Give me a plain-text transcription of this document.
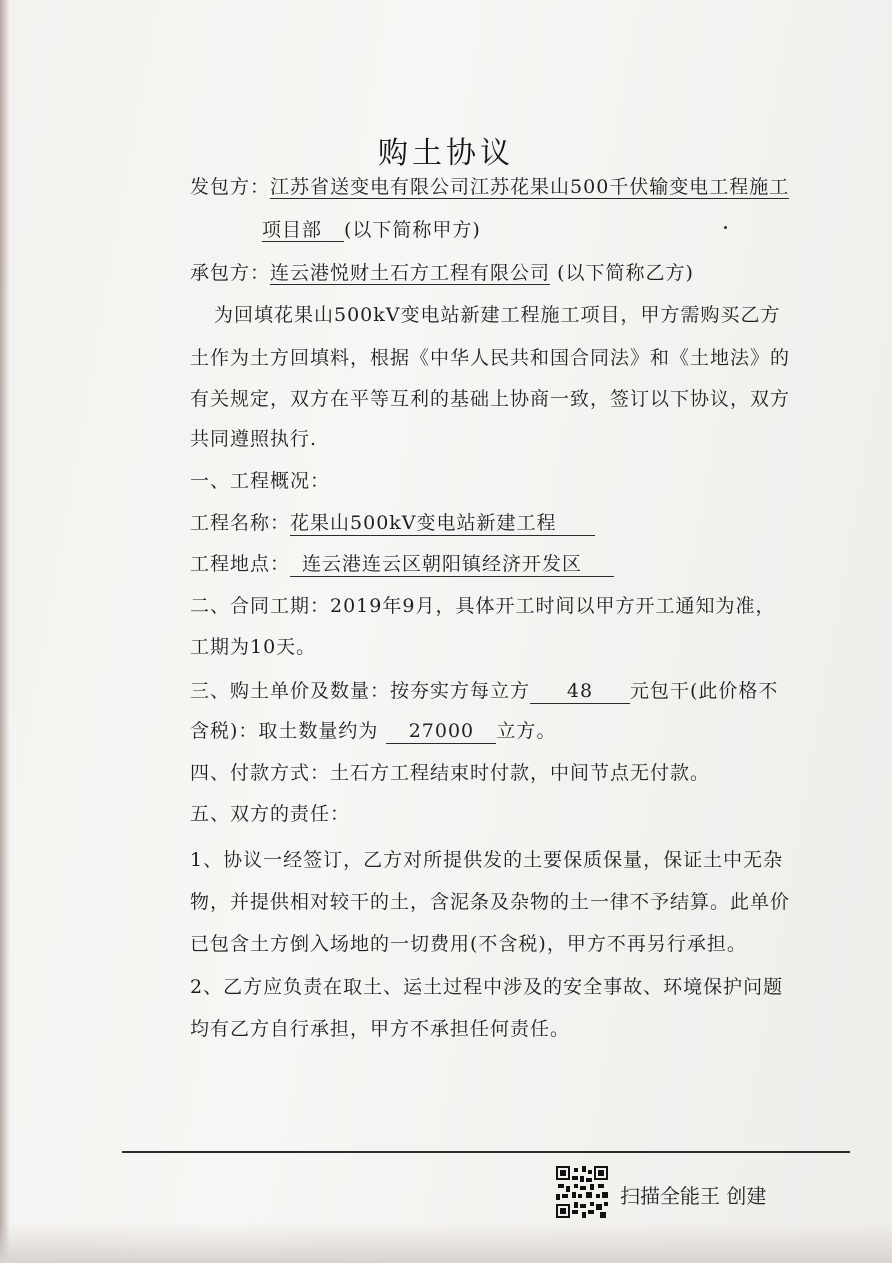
购土协议
发包方：江苏省送变电有限公司江苏花果山500千伏输变电工程施工
项目部 (以下简称甲方)
承包方：连云港悦财土石方工程有限公司 (以下简称乙方)
为回填花果山500kV变电站新建工程施工项目，甲方需购买乙方
土作为土方回填料，根据《中华人民共和国合同法》和《土地法》的
有关规定，双方在平等互利的基础上协商一致，签订以下协议，双方
共同遵照执行.
一、工程概况：
工程名称：花果山500kV变电站新建工程
工程地点： 连云港连云区朝阳镇经济开发区
二、合同工期：2019年9月，具体开工时间以甲方开工通知为准，
工期为10天。
三、购土单价及数量：按夯实方每立方 48 元包干(此价格不
含税)：取土数量约为 27000 立方。
四、付款方式：土石方工程结束时付款，中间节点无付款。
五、双方的责任：
1、协议一经签订，乙方对所提供发的土要保质保量，保证土中无杂
物，并提供相对较干的土，含泥条及杂物的土一律不予结算。此单价
已包含土方倒入场地的一切费用(不含税)，甲方不再另行承担。
2、乙方应负责在取土、运土过程中涉及的安全事故、环境保护问题
均有乙方自行承担，甲方不承担任何责任。
扫描全能王 创建
